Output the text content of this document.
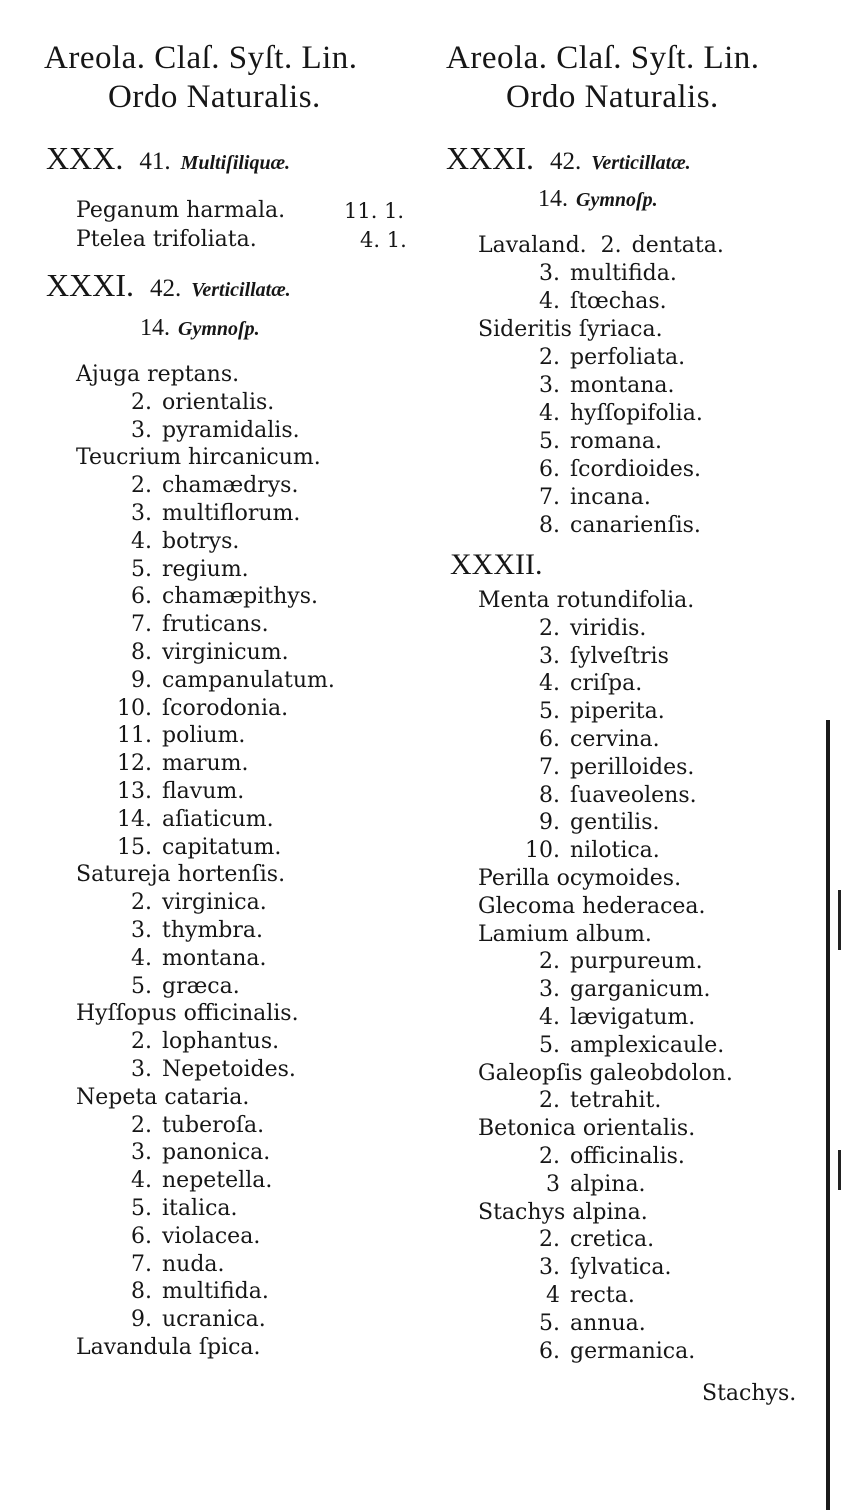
Areola. Claſ. Syſt. Lin.
Ordo Naturalis.
XXX. 41. Multiſiliquæ.
Peganum harmala.	11. 1.
Ptelea trifoliata.	4. 1.
XXXI. 42. Verticillatæ.
14. Gymnoſp.
Ajuga reptans.
2. orientalis.
3. pyramidalis.
Teucrium hircanicum.
2. chamædrys.
3. multiflorum.
4. botrys.
5. regium.
6. chamæpithys.
7. fruticans.
8. virginicum.
9. campanulatum.
10. ſcorodonia.
11. polium.
12. marum.
13. flavum.
14. aſiaticum.
15. capitatum.
Satureja hortenſis.
2. virginica.
3. thymbra.
4. montana.
5. græca.
Hyſſopus officinalis.
2. lophantus.
3. Nepetoides.
Nepeta cataria.
2. tuberoſa.
3. panonica.
4. nepetella.
5. italica.
6. violacea.
7. nuda.
8. multifida.
9. ucranica.
Lavandula ſpica.
Areola. Claſ. Syſt. Lin.
Ordo Naturalis.
XXXI. 42. Verticillatæ.
14. Gymnoſp.
Lavaland. 2. dentata.
3. multifida.
4. ſtœchas.
Sideritis ſyriaca.
2. perfoliata.
3. montana.
4. hyſſopifolia.
5. romana.
6. ſcordioides.
7. incana.
8. canarienſis.
XXXII.
Menta rotundifolia.
2. viridis.
3. ſylveſtris
4. criſpa.
5. piperita.
6. cervina.
7. perilloides.
8. ſuaveolens.
9. gentilis.
10. nilotica.
Perilla ocymoides.
Glecoma hederacea.
Lamium album.
2. purpureum.
3. garganicum.
4. lævigatum.
5. amplexicaule.
Galeopſis galeobdolon.
2. tetrahit.
Betonica orientalis.
2. officinalis.
3 alpina.
Stachys alpina.
2. cretica.
3. ſylvatica.
4 recta.
5. annua.
6. germanica.
Stachys.
